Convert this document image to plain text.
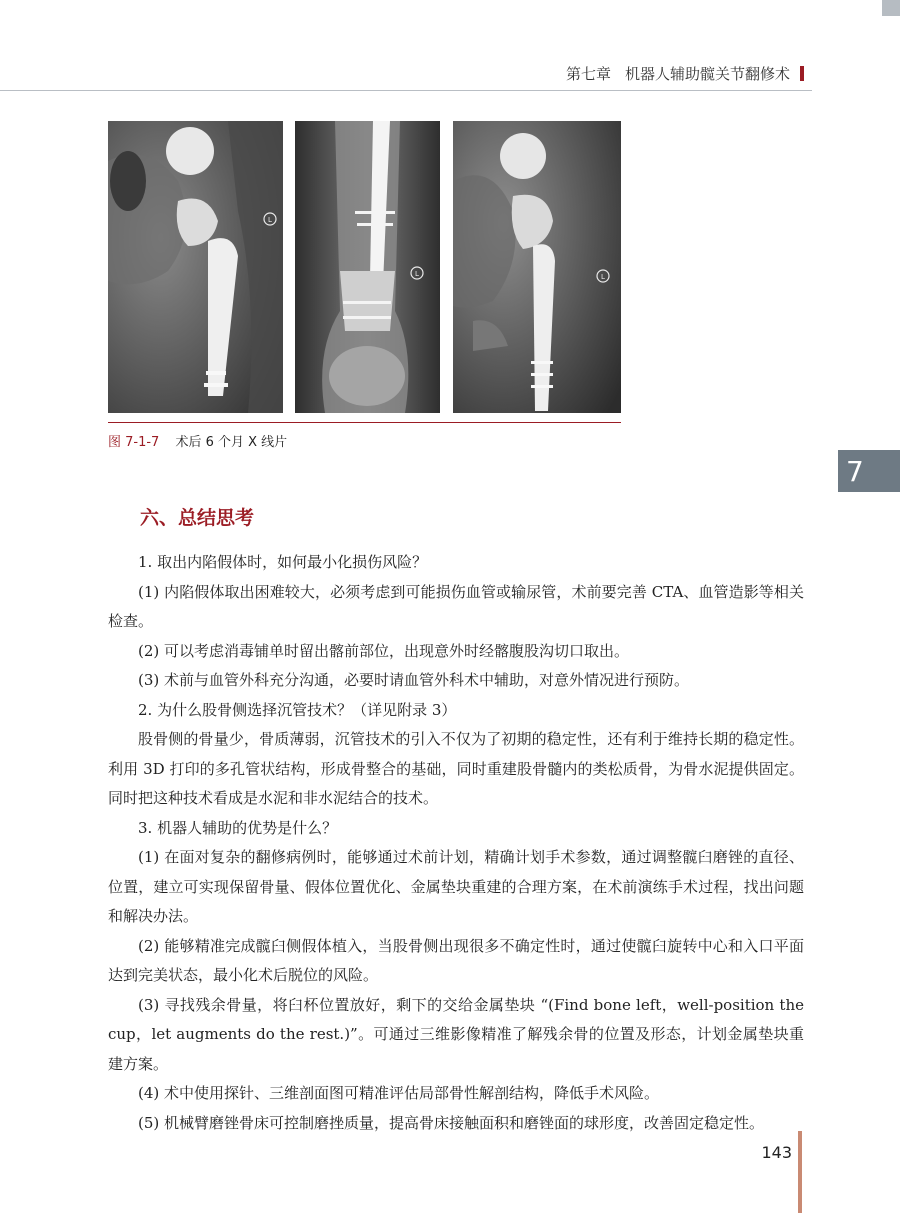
第七章 机器人辅助髋关节翻修术
L
L	L
图 7-1-7 术后 6 个月 X 线片
7
六、总结思考

1. 取出内陷假体时，如何最小化损伤风险？

(1) 内陷假体取出困难较大，必须考虑到可能损伤血管或输尿管，术前要完善 CTA、血管造影等相关检查。

(2) 可以考虑消毒铺单时留出髂前部位，出现意外时经髂腹股沟切口取出。

(3) 术前与血管外科充分沟通，必要时请血管外科术中辅助，对意外情况进行预防。

2. 为什么股骨侧选择沉管技术？（详见附录 3）

股骨侧的骨量少，骨质薄弱，沉管技术的引入不仅为了初期的稳定性，还有利于维持长期的稳定性。利用 3D 打印的多孔管状结构，形成骨整合的基础，同时重建股骨髓内的类松质骨，为骨水泥提供固定。同时把这种技术看成是水泥和非水泥结合的技术。

3. 机器人辅助的优势是什么？

(1) 在面对复杂的翻修病例时，能够通过术前计划，精确计划手术参数，通过调整髋臼磨锉的直径、位置，建立可实现保留骨量、假体位置优化、金属垫块重建的合理方案，在术前演练手术过程，找出问题和解决办法。

(2) 能够精准完成髋臼侧假体植入，当股骨侧出现很多不确定性时，通过使髋臼旋转中心和入口平面达到完美状态，最小化术后脱位的风险。

(3) 寻找残余骨量，将臼杯位置放好，剩下的交给金属垫块 “(Find bone left，well-position the cup，let augments do the rest.)”。可通过三维影像精准了解残余骨的位置及形态，计划金属垫块重建方案。

(4) 术中使用探针、三维剖面图可精准评估局部骨性解剖结构，降低手术风险。

(5) 机械臂磨锉骨床可控制磨挫质量，提高骨床接触面积和磨锉面的球形度，改善固定稳定性。

143
